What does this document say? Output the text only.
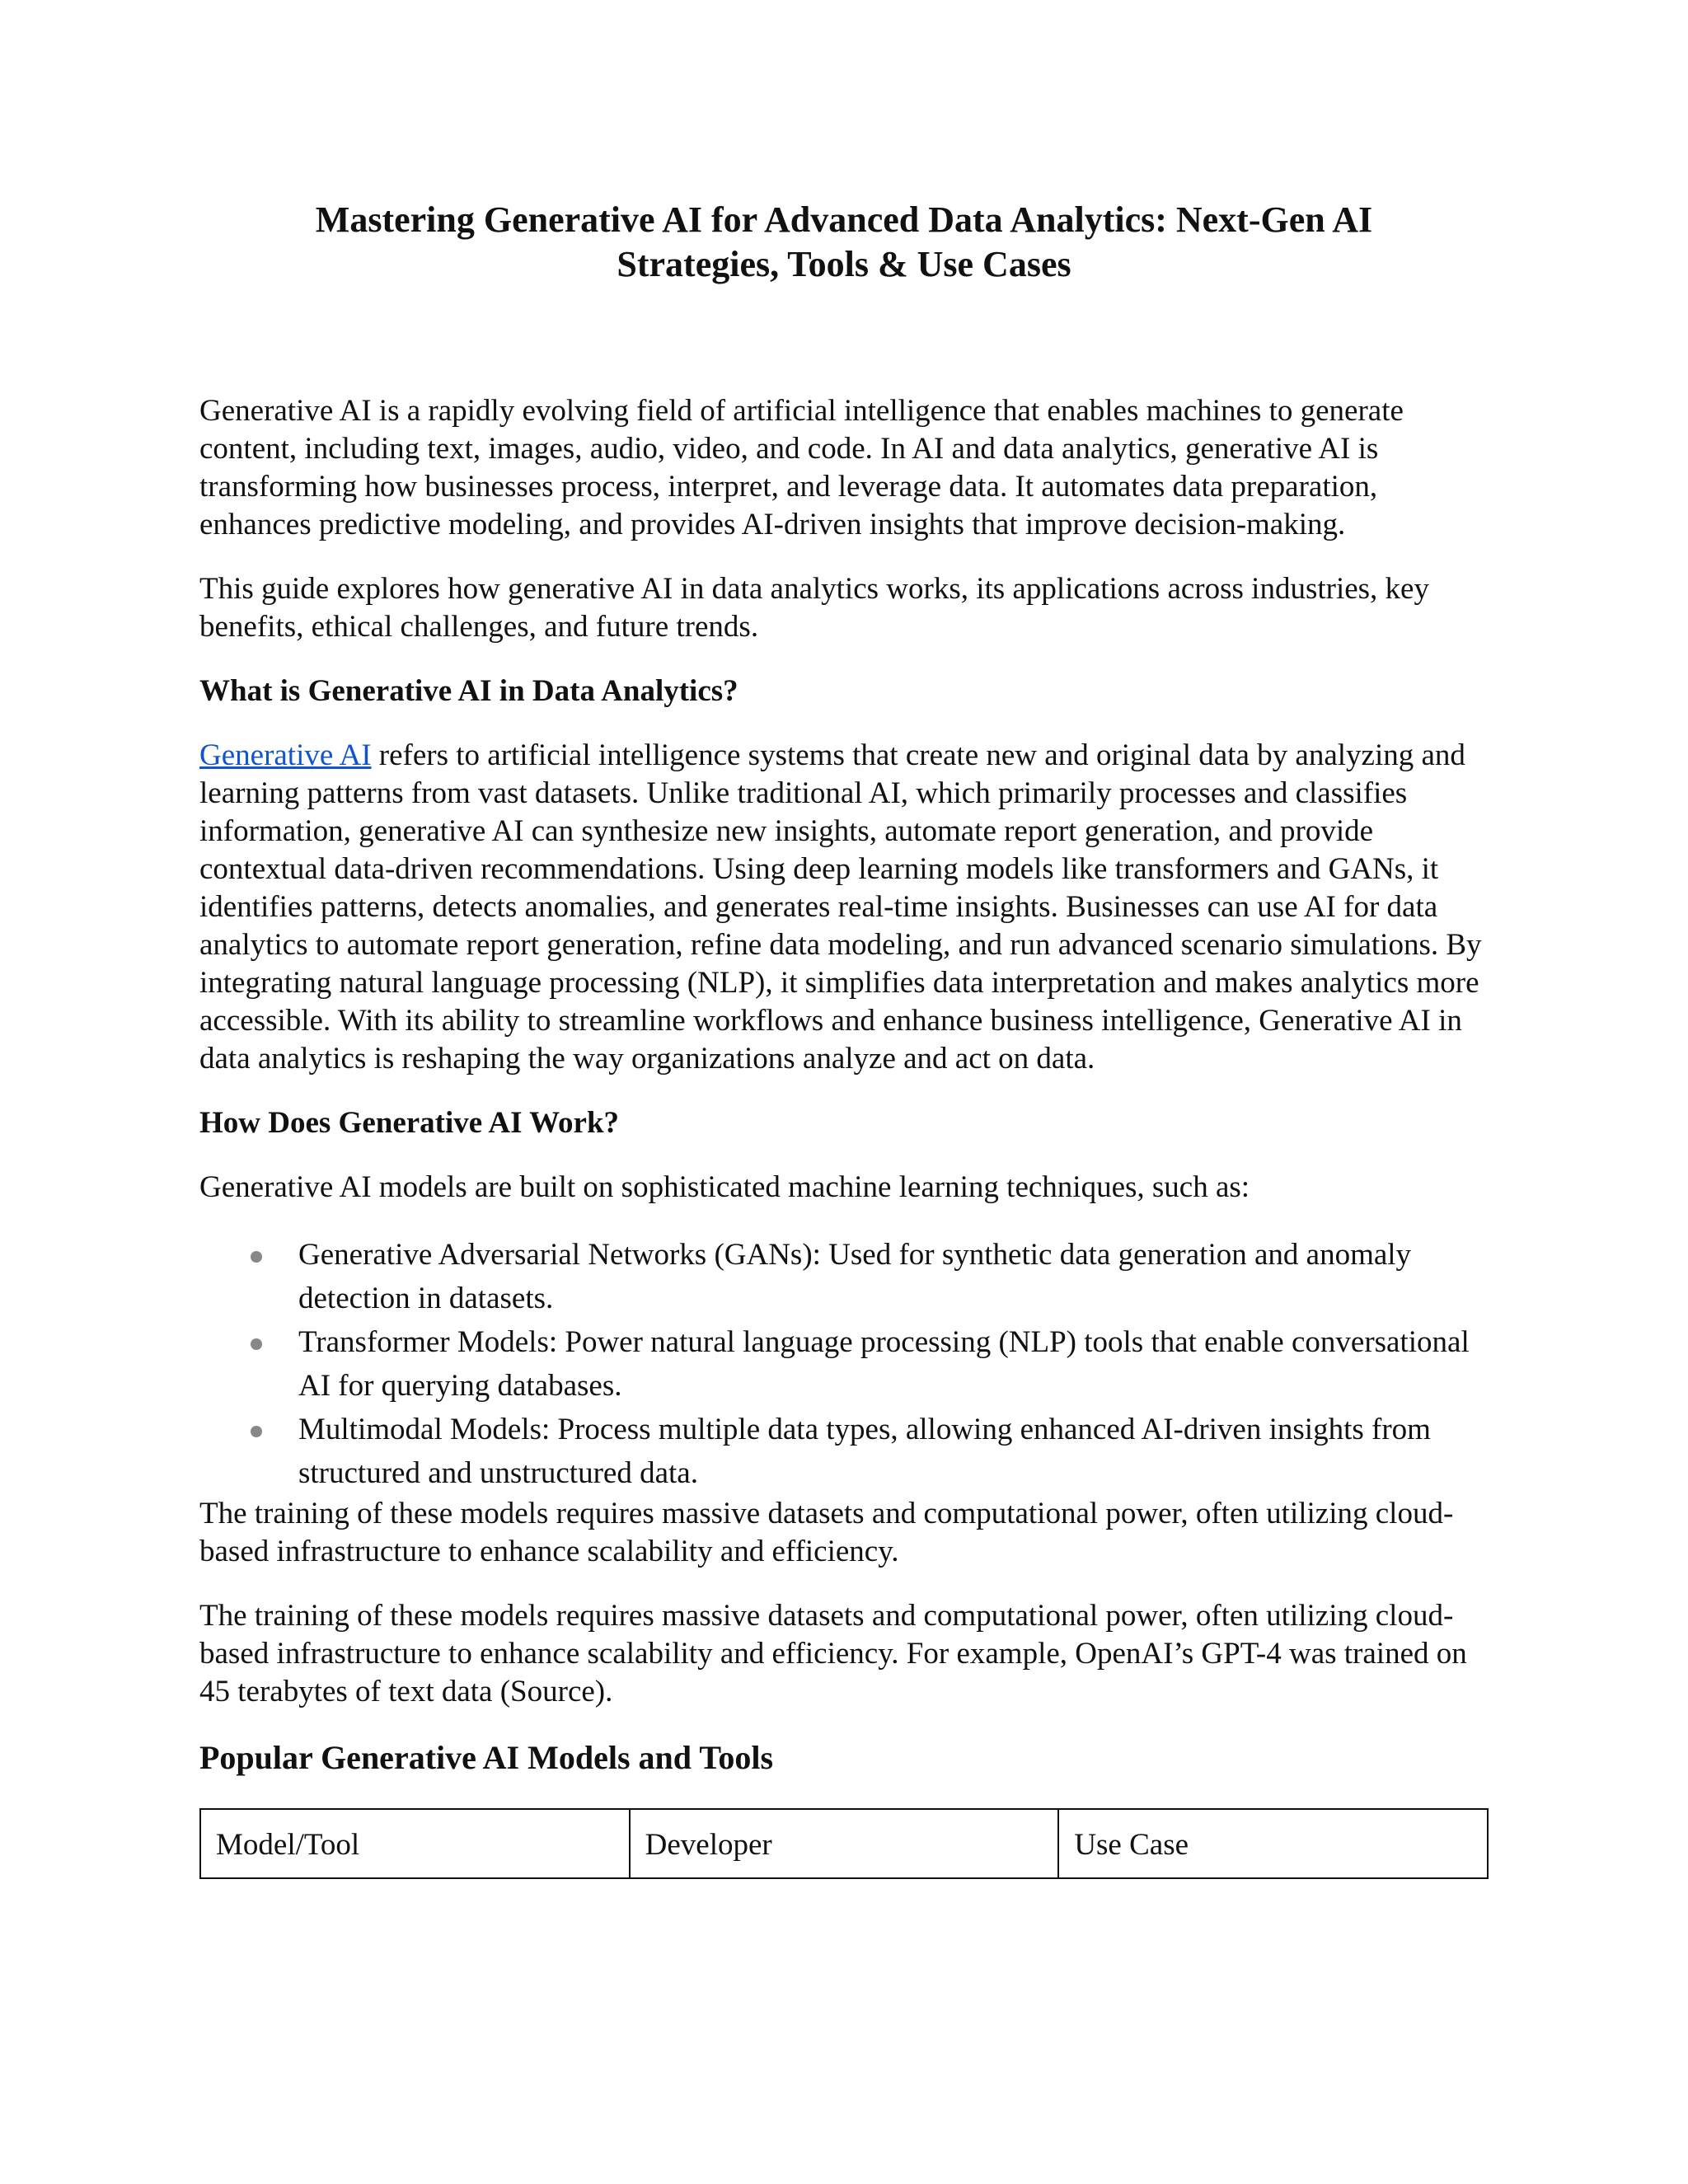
Mastering Generative AI for Advanced Data Analytics: Next-Gen AI Strategies, Tools & Use Cases

Generative AI is a rapidly evolving field of artificial intelligence that enables machines to generate content, including text, images, audio, video, and code. In AI and data analytics, generative AI is transforming how businesses process, interpret, and leverage data. It automates data preparation, enhances predictive modeling, and provides AI-driven insights that improve decision-making.

This guide explores how generative AI in data analytics works, its applications across industries, key benefits, ethical challenges, and future trends.

What is Generative AI in Data Analytics?

Generative AI refers to artificial intelligence systems that create new and original data by analyzing and learning patterns from vast datasets. Unlike traditional AI, which primarily processes and classifies information, generative AI can synthesize new insights, automate report generation, and provide contextual data-driven recommendations. Using deep learning models like transformers and GANs, it identifies patterns, detects anomalies, and generates real-time insights. Businesses can use AI for data analytics to automate report generation, refine data modeling, and run advanced scenario simulations. By integrating natural language processing (NLP), it simplifies data interpretation and makes analytics more accessible. With its ability to streamline workflows and enhance business intelligence, Generative AI in data analytics is reshaping the way organizations analyze and act on data.

How Does Generative AI Work?

Generative AI models are built on sophisticated machine learning techniques, such as:

Generative Adversarial Networks (GANs): Used for synthetic data generation and anomaly detection in datasets.
Transformer Models: Power natural language processing (NLP) tools that enable conversational AI for querying databases.
Multimodal Models: Process multiple data types, allowing enhanced AI-driven insights from structured and unstructured data.

The training of these models requires massive datasets and computational power, often utilizing cloud-based infrastructure to enhance scalability and efficiency.

The training of these models requires massive datasets and computational power, often utilizing cloud-based infrastructure to enhance scalability and efficiency. For example, OpenAI’s GPT-4 was trained on 45 terabytes of text data (Source).

Popular Generative AI Models and Tools
Model/Tool	Developer	Use Case
